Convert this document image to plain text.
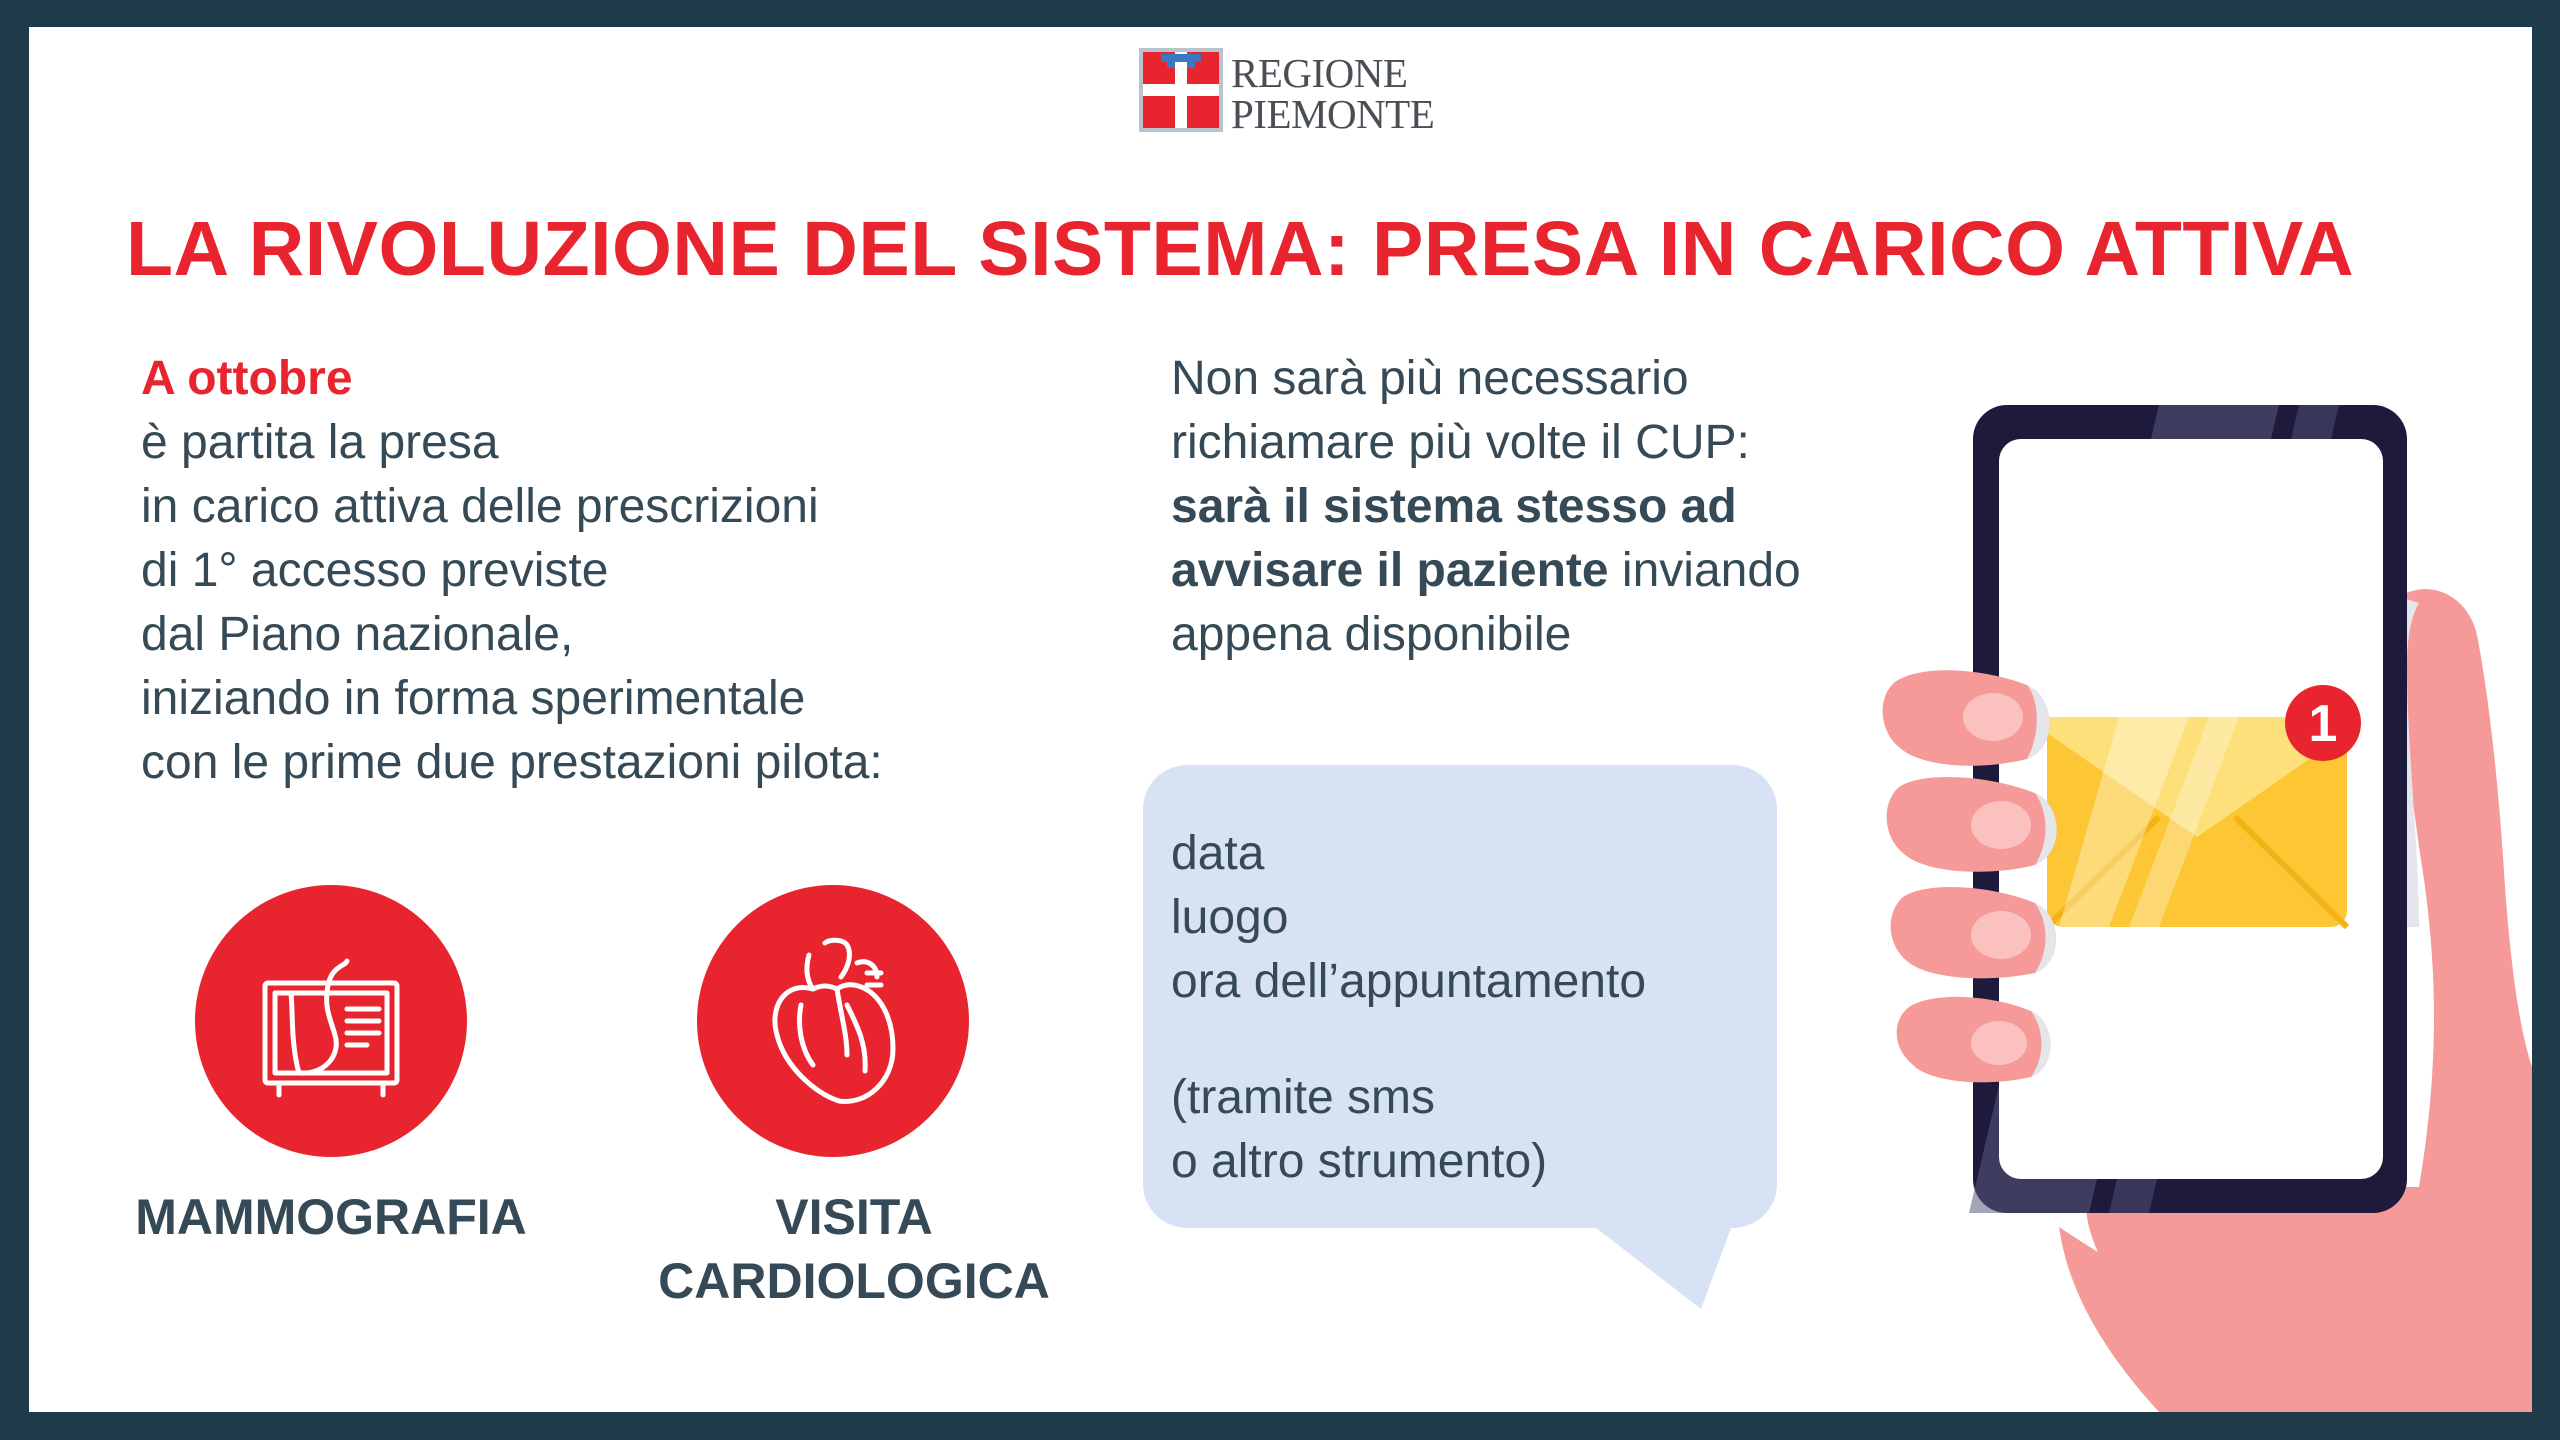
REGIONE
PIEMONTE
LA RIVOLUZIONE DEL SISTEMA: PRESA IN CARICO ATTIVA
A ottobre
è partita la presa
in carico attiva delle prescrizioni
di 1° accesso previste
dal Piano nazionale,
iniziando in forma sperimentale
con le prime due prestazioni pilota:
MAMMOGRAFIA	VISITA
CARDIOLOGICA
Non sarà più necessario
richiamare più volte il CUP:
sarà il sistema stesso ad
avvisare il paziente inviando
appena disponibile
data
luogo
ora dell’appuntamento
(tramite sms
o altro strumento)
1
